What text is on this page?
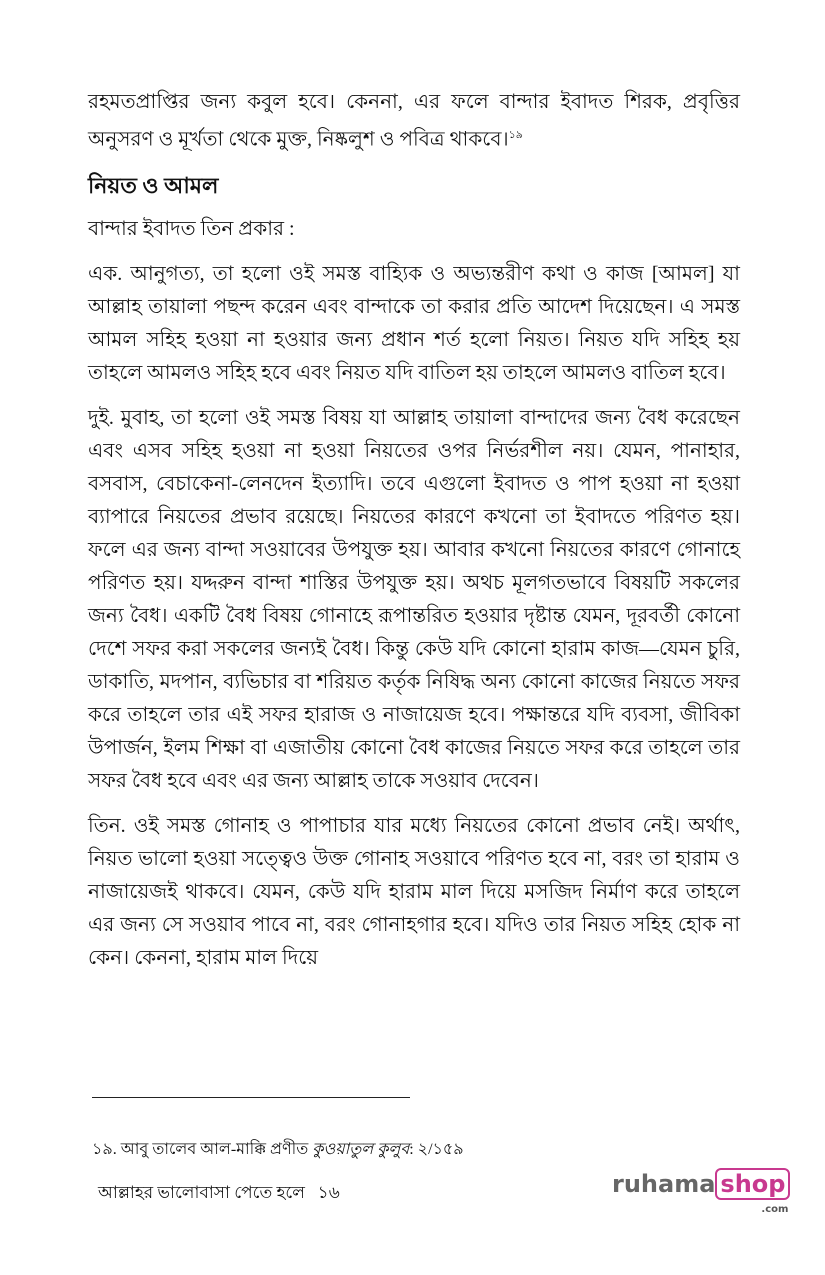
রহমতপ্রাপ্তির জন্য কবুল হবে। কেননা, এর ফলে বান্দার ইবাদত শিরক, প্রবৃত্তির অনুসরণ ও মূর্খতা থেকে মুক্ত, নিষ্কলুশ ও পবিত্র থাকবে।$^{১৯}$

নিয়ত ও আমল

বান্দার ইবাদত তিন প্রকার :

এক. আনুগত্য, তা হলো ওই সমস্ত বাহ্যিক ও অভ্যন্তরীণ কথা ও কাজ [আমল] যা আল্লাহ তায়ালা পছন্দ করেন এবং বান্দাকে তা করার প্রতি আদেশ দিয়েছেন। এ সমস্ত আমল সহিহ হওয়া না হওয়ার জন্য প্রধান শর্ত হলো নিয়ত। নিয়ত যদি সহিহ হয় তাহলে আমলও সহিহ হবে এবং নিয়ত যদি বাতিল হয় তাহলে আমলও বাতিল হবে।

দুই. মুবাহ, তা হলো ওই সমস্ত বিষয় যা আল্লাহ তায়ালা বান্দাদের জন্য বৈধ করেছেন এবং এসব সহিহ হওয়া না হওয়া নিয়তের ওপর নির্ভরশীল নয়। যেমন, পানাহার, বসবাস, বেচাকেনা-লেনদেন ইত্যাদি। তবে এগুলো ইবাদত ও পাপ হওয়া না হওয়া ব্যাপারে নিয়তের প্রভাব রয়েছে। নিয়তের কারণে কখনো তা ইবাদতে পরিণত হয়। ফলে এর জন্য বান্দা সওয়াবের উপযুক্ত হয়। আবার কখনো নিয়তের কারণে গোনাহে পরিণত হয়। যদ্দরুন বান্দা শাস্তির উপযুক্ত হয়। অথচ মূলগতভাবে বিষয়টি সকলের জন্য বৈধ। একটি বৈধ বিষয় গোনাহে রূপান্তরিত হওয়ার দৃষ্টান্ত যেমন, দূরবর্তী কোনো দেশে সফর করা সকলের জন্যই বৈধ। কিন্তু কেউ যদি কোনো হারাম কাজ—যেমন চুরি, ডাকাতি, মদপান, ব্যভিচার বা শরিয়ত কর্তৃক নিষিদ্ধ অন্য কোনো কাজের নিয়তে সফর করে তাহলে তার এই সফর হারাজ ও নাজায়েজ হবে। পক্ষান্তরে যদি ব্যবসা, জীবিকা উপার্জন, ইলম শিক্ষা বা এজাতীয় কোনো বৈধ কাজের নিয়তে সফর করে তাহলে তার সফর বৈধ হবে এবং এর জন্য আল্লাহ তাকে সওয়াব দেবেন।

তিন. ওই সমস্ত গোনাহ ও পাপাচার যার মধ্যে নিয়তের কোনো প্রভাব নেই। অর্থাৎ, নিয়ত ভালো হওয়া সত্ত্বেও উক্ত গোনাহ সওয়াবে পরিণত হবে না, বরং তা হারাম ও নাজায়েজই থাকবে। যেমন, কেউ যদি হারাম মাল দিয়ে মসজিদ নির্মাণ করে তাহলে এর জন্য সে সওয়াব পাবে না, বরং গোনাহগার হবে। যদিও তার নিয়ত সহিহ হোক না কেন। কেননা, হারাম মাল দিয়ে

১৯. আবু তালেব আল-মাক্কি প্রণীত কুওয়াতুল কুলুব: ২/১৫৯
আল্লাহর ভালোবাসা পেতে হলে ১৬	ruhama shop
.com
